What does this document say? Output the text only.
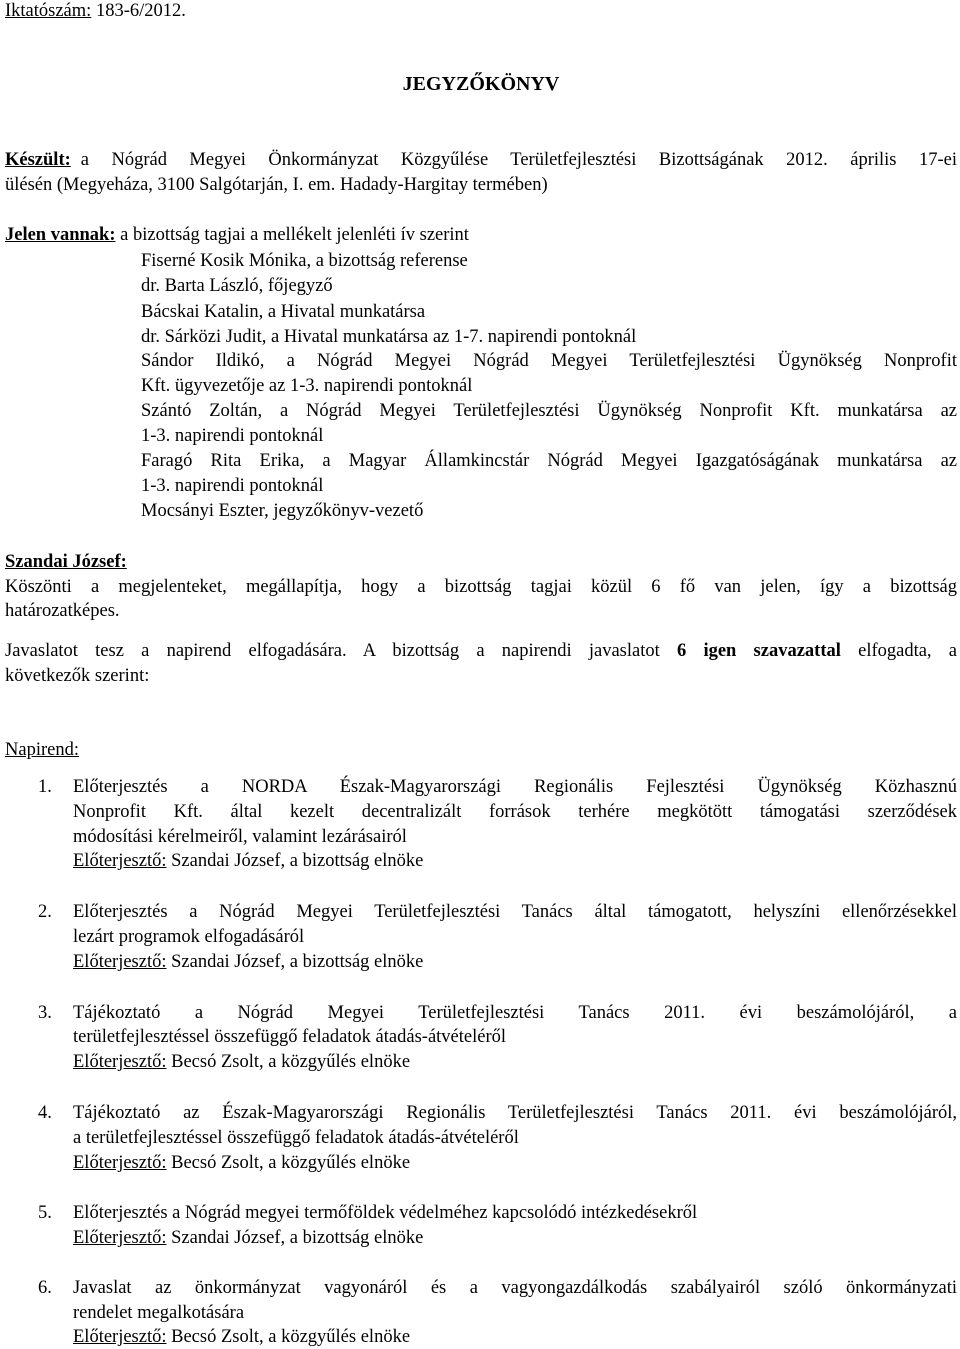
Iktatószám: 183-6/2012.
JEGYZŐKÖNYV
Készült: a Nógrád Megyei Önkormányzat Közgyűlése Területfejlesztési Bizottságának 2012. április 17-ei
ülésén (Megyeháza, 3100 Salgótarján, I. em. Hadady-Hargitay termében)
Jelen vannak: a bizottság tagjai a mellékelt jelenléti ív szerint
Fiserné Kosik Mónika, a bizottság referense
dr. Barta László, főjegyző
Bácskai Katalin, a Hivatal munkatársa
dr. Sárközi Judit, a Hivatal munkatársa az 1-7. napirendi pontoknál
Sándor Ildikó, a Nógrád Megyei Nógrád Megyei Területfejlesztési Ügynökség Nonprofit
Kft. ügyvezetője az 1-3. napirendi pontoknál
Szántó Zoltán, a Nógrád Megyei Területfejlesztési Ügynökség Nonprofit Kft. munkatársa az
1-3. napirendi pontoknál
Faragó Rita Erika, a Magyar Államkincstár Nógrád Megyei Igazgatóságának munkatársa az
1-3. napirendi pontoknál
Mocsányi Eszter, jegyzőkönyv-vezető
Szandai József:
Köszönti a megjelenteket, megállapítja, hogy a bizottság tagjai közül 6 fő van jelen, így a bizottság
határozatképes.
Javaslatot tesz a napirend elfogadására. A bizottság a napirendi javaslatot 6 igen szavazattal elfogadta, a
következők szerint:
Napirend:
1. Előterjesztés a NORDA Észak-Magyarországi Regionális Fejlesztési Ügynökség Közhasznú
Nonprofit Kft. által kezelt decentralizált források terhére megkötött támogatási szerződések
módosítási kérelmeiről, valamint lezárásairól
Előterjesztő: Szandai József, a bizottság elnöke
2. Előterjesztés a Nógrád Megyei Területfejlesztési Tanács által támogatott, helyszíni ellenőrzésekkel
lezárt programok elfogadásáról
Előterjesztő: Szandai József, a bizottság elnöke
3. Tájékoztató a Nógrád Megyei Területfejlesztési Tanács 2011. évi beszámolójáról, a
területfejlesztéssel összefüggő feladatok átadás-átvételéről
Előterjesztő: Becsó Zsolt, a közgyűlés elnöke
4. Tájékoztató az Észak-Magyarországi Regionális Területfejlesztési Tanács 2011. évi beszámolójáról,
a területfejlesztéssel összefüggő feladatok átadás-átvételéről
Előterjesztő: Becsó Zsolt, a közgyűlés elnöke
5. Előterjesztés a Nógrád megyei termőföldek védelméhez kapcsolódó intézkedésekről
Előterjesztő: Szandai József, a bizottság elnöke
6. Javaslat az önkormányzat vagyonáról és a vagyongazdálkodás szabályairól szóló önkormányzati
rendelet megalkotására
Előterjesztő: Becsó Zsolt, a közgyűlés elnöke
